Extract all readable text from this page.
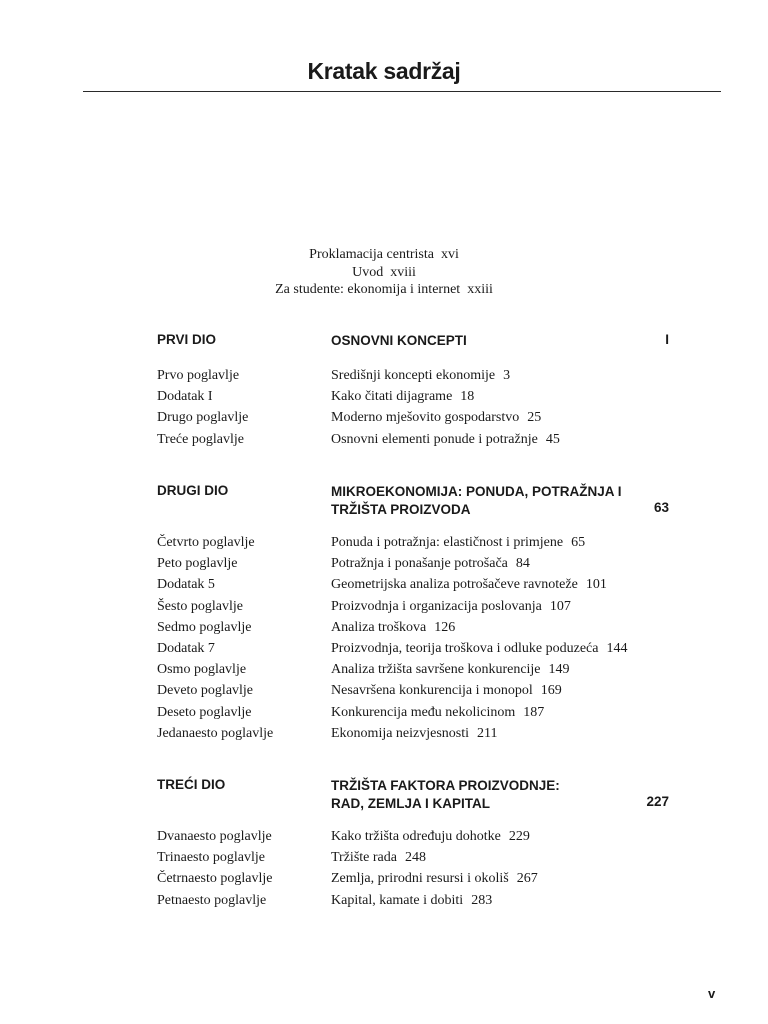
Kratak sadržaj
Proklamacija centrista xvi
Uvod xviii
Za studente: ekonomija i internet xxiii
PRVI DIO	OSNOVNI KONCEPTI	I
Prvo poglavlje	Središnji koncepti ekonomije 3
Dodatak I	Kako čitati dijagrame 18
Drugo poglavlje	Moderno mješovito gospodarstvo 25
Treće poglavlje	Osnovni elementi ponude i potražnje 45
DRUGI DIO	MIKROEKONOMIJA: PONUDA, POTRAŽNJA I
TRŽIŠTA PROIZVODA	63
Četvrto poglavlje	Ponuda i potražnja: elastičnost i primjene 65
Peto poglavlje	Potražnja i ponašanje potrošača 84
Dodatak 5	Geometrijska analiza potrošačeve ravnoteže 101
Šesto poglavlje	Proizvodnja i organizacija poslovanja 107
Sedmo poglavlje	Analiza troškova 126
Dodatak 7	Proizvodnja, teorija troškova i odluke poduzeća 144
Osmo poglavlje	Analiza tržišta savršene konkurencije 149
Deveto poglavlje	Nesavršena konkurencija i monopol 169
Deseto poglavlje	Konkurencija među nekolicinom 187
Jedanaesto poglavlje	Ekonomija neizvjesnosti 211
TREĆI DIO	TRŽIŠTA FAKTORA PROIZVODNJE:
RAD, ZEMLJA I KAPITAL	227
Dvanaesto poglavlje	Kako tržišta određuju dohotke 229
Trinaesto poglavlje	Tržište rada 248
Četrnaesto poglavlje	Zemlja, prirodni resursi i okoliš 267
Petnaesto poglavlje	Kapital, kamate i dobiti 283
v
